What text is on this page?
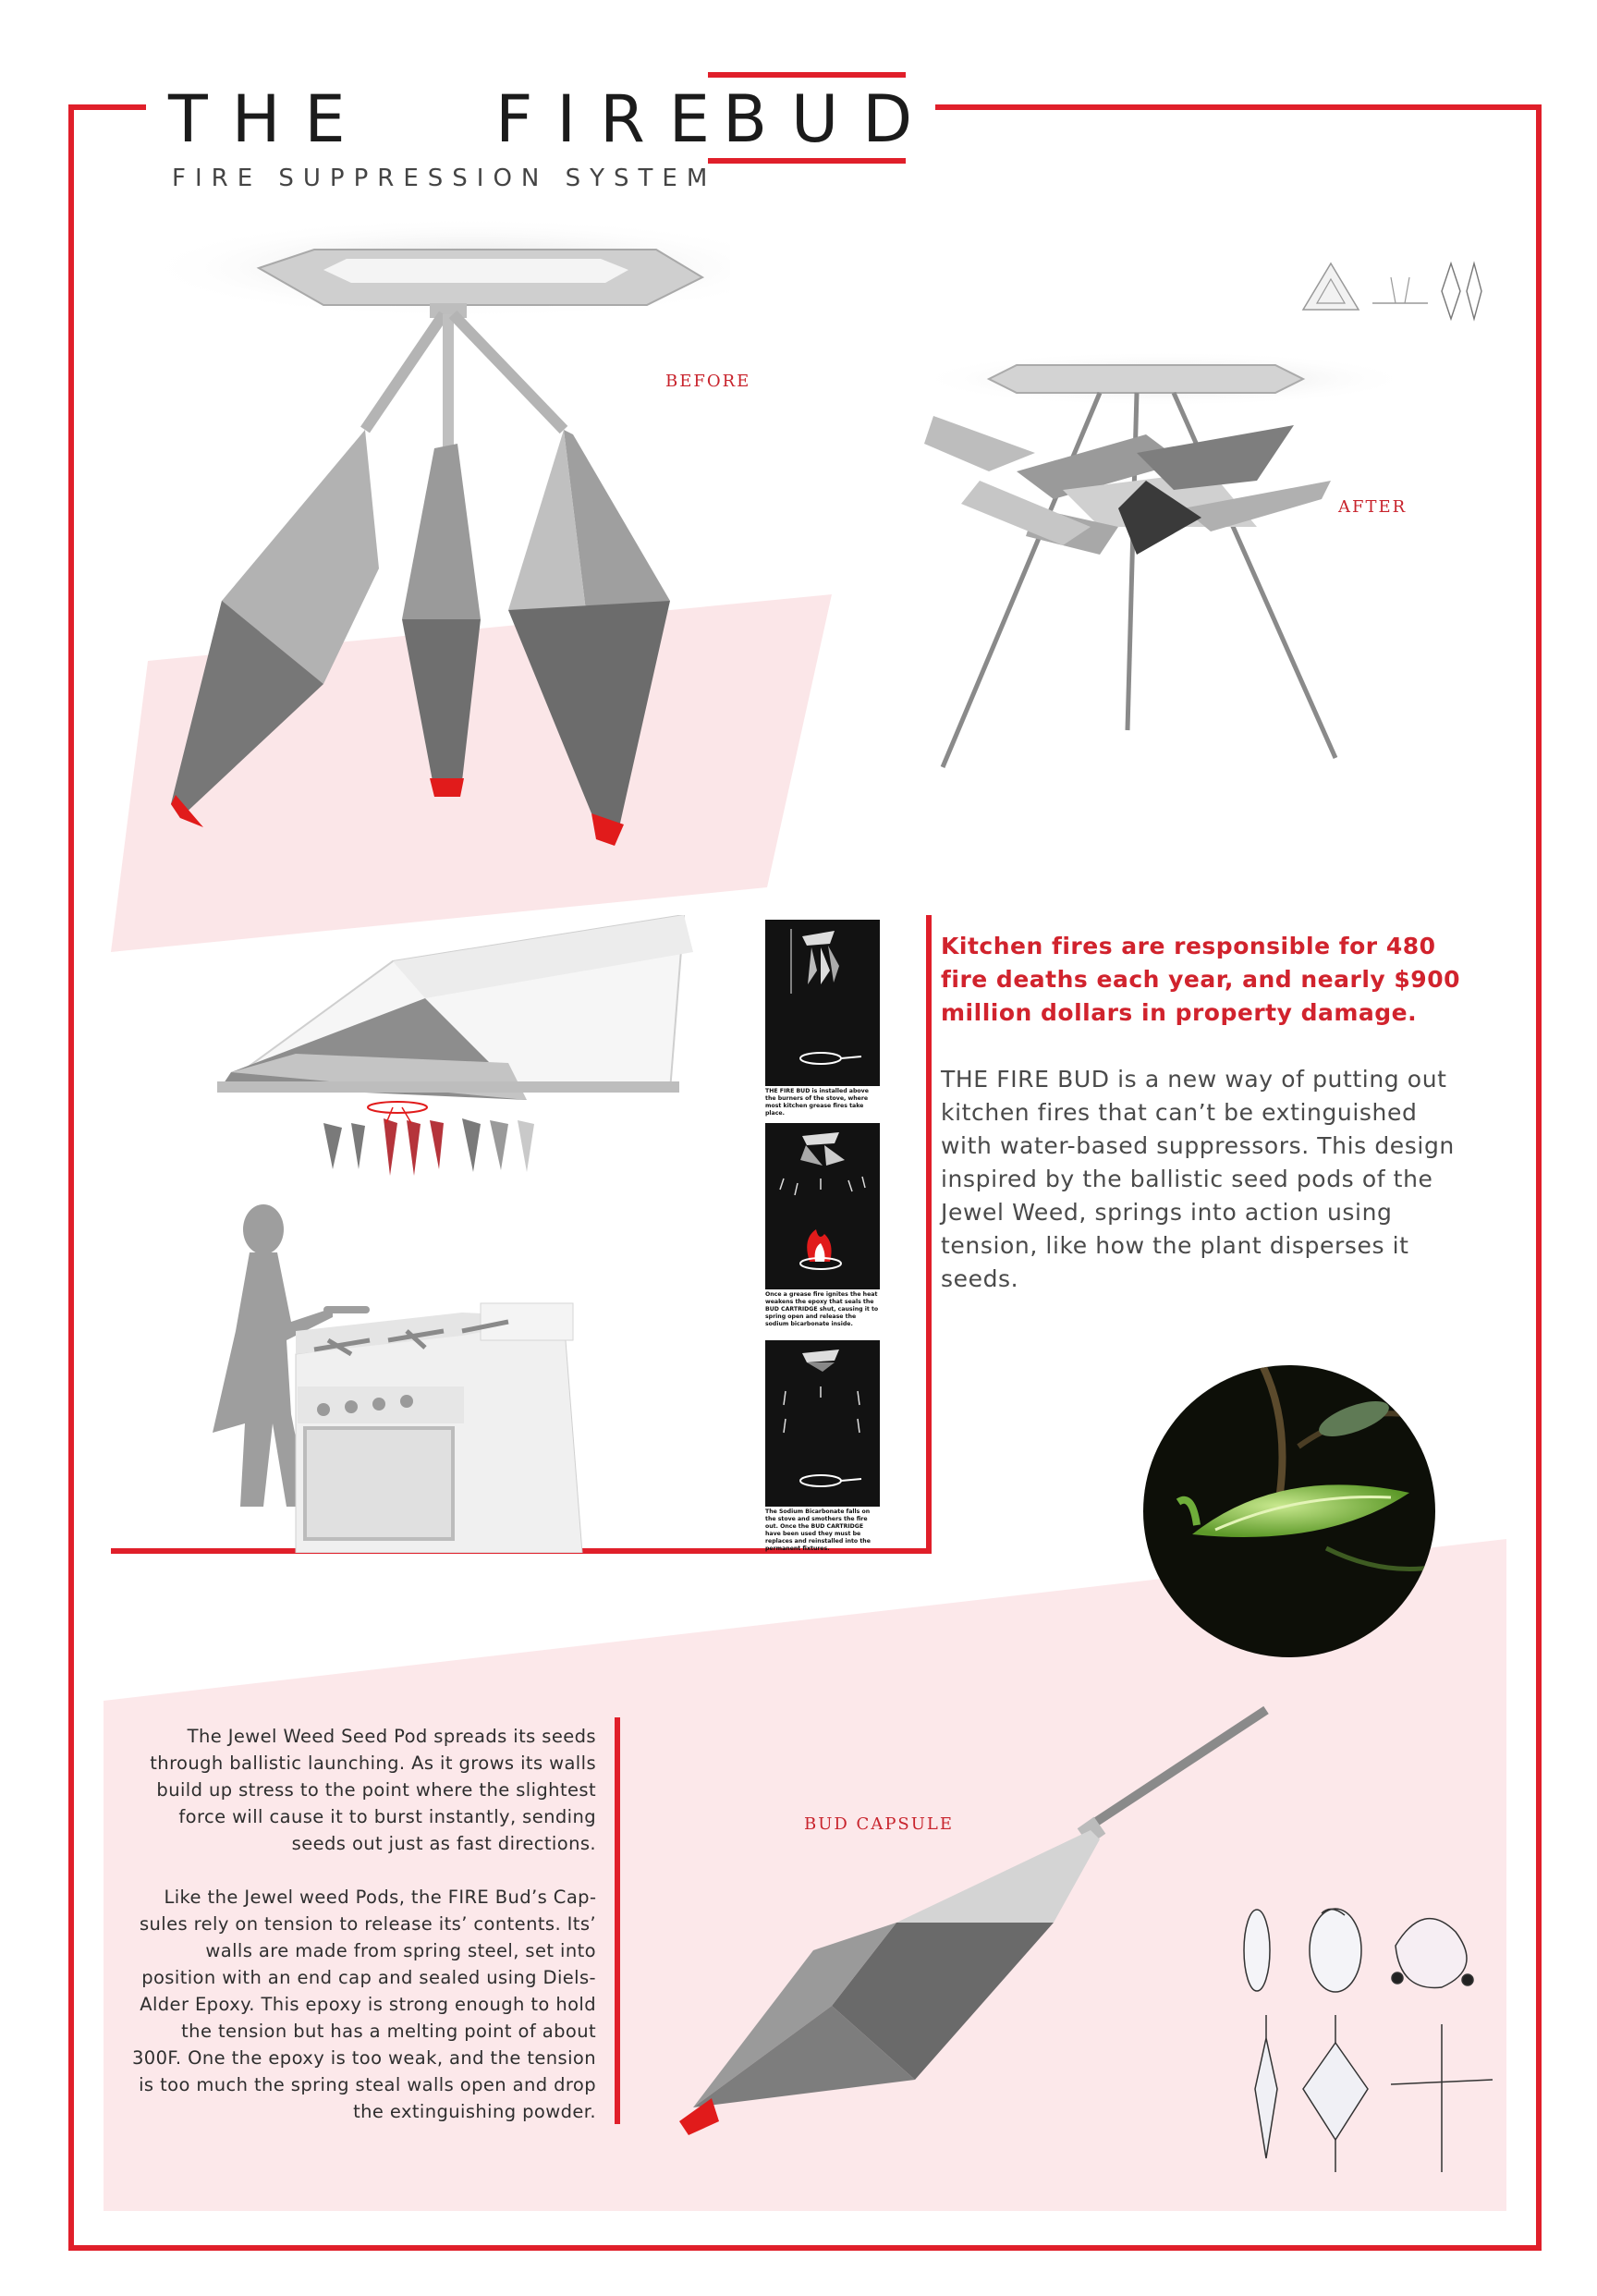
THE FIRE
BUD
FIRE SUPPRESSION SYSTEM
BEFORE
AFTER
THE FIRE BUD is installed above the burners of the stove, where most kitchen grease fires take place.
Once a grease fire ignites the heat weakens the epoxy that seals the BUD CARTRIDGE shut, causing it to spring open and release the sodium bicarbonate inside.
The Sodium Bicarbonate falls on the stove and smothers the fire out. Once the BUD CARTRIDGE have been used they must be replaces and reinstalled into the permanent fixtures.
Kitchen fires are responsible for 480 fire deaths each year, and nearly $900 million dollars in property damage.
THE FIRE BUD is a new way of putting out kitchen fires that can’t be extinguished with water-based suppressors. This design inspired by the ballistic seed pods of the Jewel Weed, springs into action using tension, like how the plant disperses it seeds.
The Jewel Weed Seed Pod spreads its seeds through ballistic launching. As it grows its walls build up stress to the point where the slightest force will cause it to burst instantly, sending seeds out just as fast directions.
Like the Jewel weed Pods, the FIRE Bud’s Capsules rely on tension to release its’ contents. Its’ walls are made from spring steel, set into position with an end cap and sealed using Diels-Alder Epoxy. This epoxy is strong enough to hold the tension but has a melting point of about 300F. One the epoxy is too weak, and the tension is too much the spring steal walls open and drop the extinguishing powder.
BUD CAPSULE
